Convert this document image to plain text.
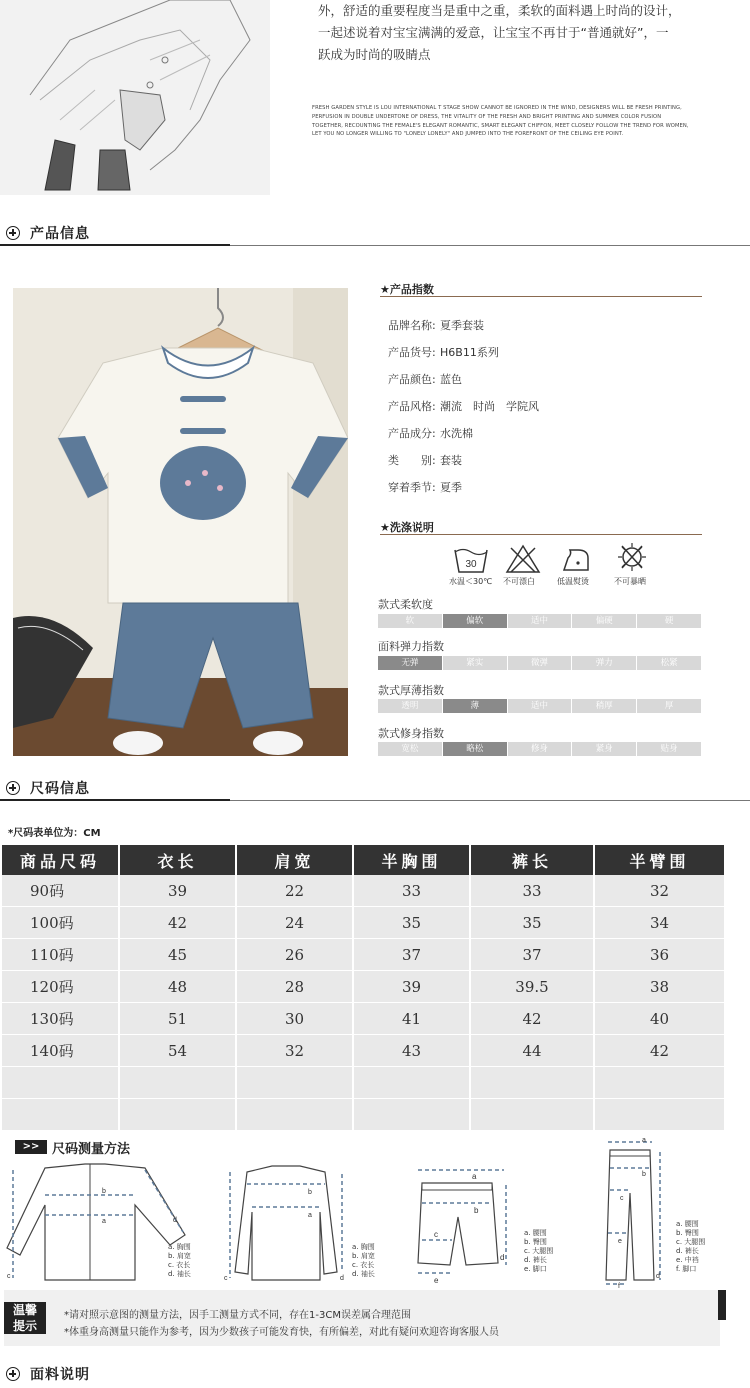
外，舒适的重要程度当是重中之重，柔软的面料遇上时尚的设计，
一起述说着对宝宝满满的爱意，让宝宝不再甘于“普通就好”，一
跃成为时尚的吸睛点
FRESH GARDEN STYLE IS LOU INTERNATIONAL T STAGE SHOW CANNOT BE IGNORED IN THE WIND, DESIGNERS WILL BE FRESH PRINTING,
PERFUSION IN DOUBLE UNDERTONE OF DRESS, THE VITALITY OF THE FRESH AND BRIGHT PRINTING AND SUMMER COLOR FUSION
TOGETHER, RECOUNTING THE FEMALE'S ELEGANT ROMANTIC, SMART ELEGANT CHIFFON, MEET CLOSELY FOLLOW THE TREND FOR WOMEN,
LET YOU NO LONGER WILLING TO "LONELY LONELY" AND JUMPED INTO THE FOREFRONT OF THE CEILING EYE POINT.
产品信息
★产品指数
品牌名称: 夏季套装
产品货号: H6B11系列
产品颜色: 蓝色
产品风格: 潮流　时尚　学院风
产品成分: 水洗棉
类　　别: 套装
穿着季节: 夏季
★洗涤说明
30
水温＜30℃ 不可漂白	低温熨烫	不可暴晒
款式柔软度
软	偏软	适中	偏硬	硬
面料弹力指数
无弹	紧实	微弹	弹力	松紧
款式厚薄指数
透明	薄	适中	稍厚	厚
款式修身指数
宽松	略松	修身	紧身	贴身
尺码信息
*尺码表单位为：CM
商品尺码	衣长	肩宽	半胸围	裤长	半臂围
90码	39	22	33	33	32
100码	42	24	35	35	34
110码	45	26	37	37	36
120码	48	28	39	39.5	38
130码	51	30	41	42	40
140码	54	32	43	44	42

>> 尺码测量方法
b
a
c
d
a. 胸围
b. 肩宽
c. 衣长
d. 袖长
b
a
c	d
a. 胸围
b. 肩宽
c. 衣长
d. 袖长
a
b
c
d
e
a. 腰围
b. 臀围
c. 大腿围
d. 裤长
e. 脚口
a
b
c
d
e
f
a. 腰围
b. 臀围
c. 大腿围
d. 裤长
e. 中裆
f. 脚口
温馨
提示
*请对照示意图的测量方法，因手工测量方式不同，存在1-3CM误差属合理范围
*体重身高测量只能作为参考，因为少数孩子可能发育快，有所偏差，对此有疑问欢迎咨询客服人员
面料说明
